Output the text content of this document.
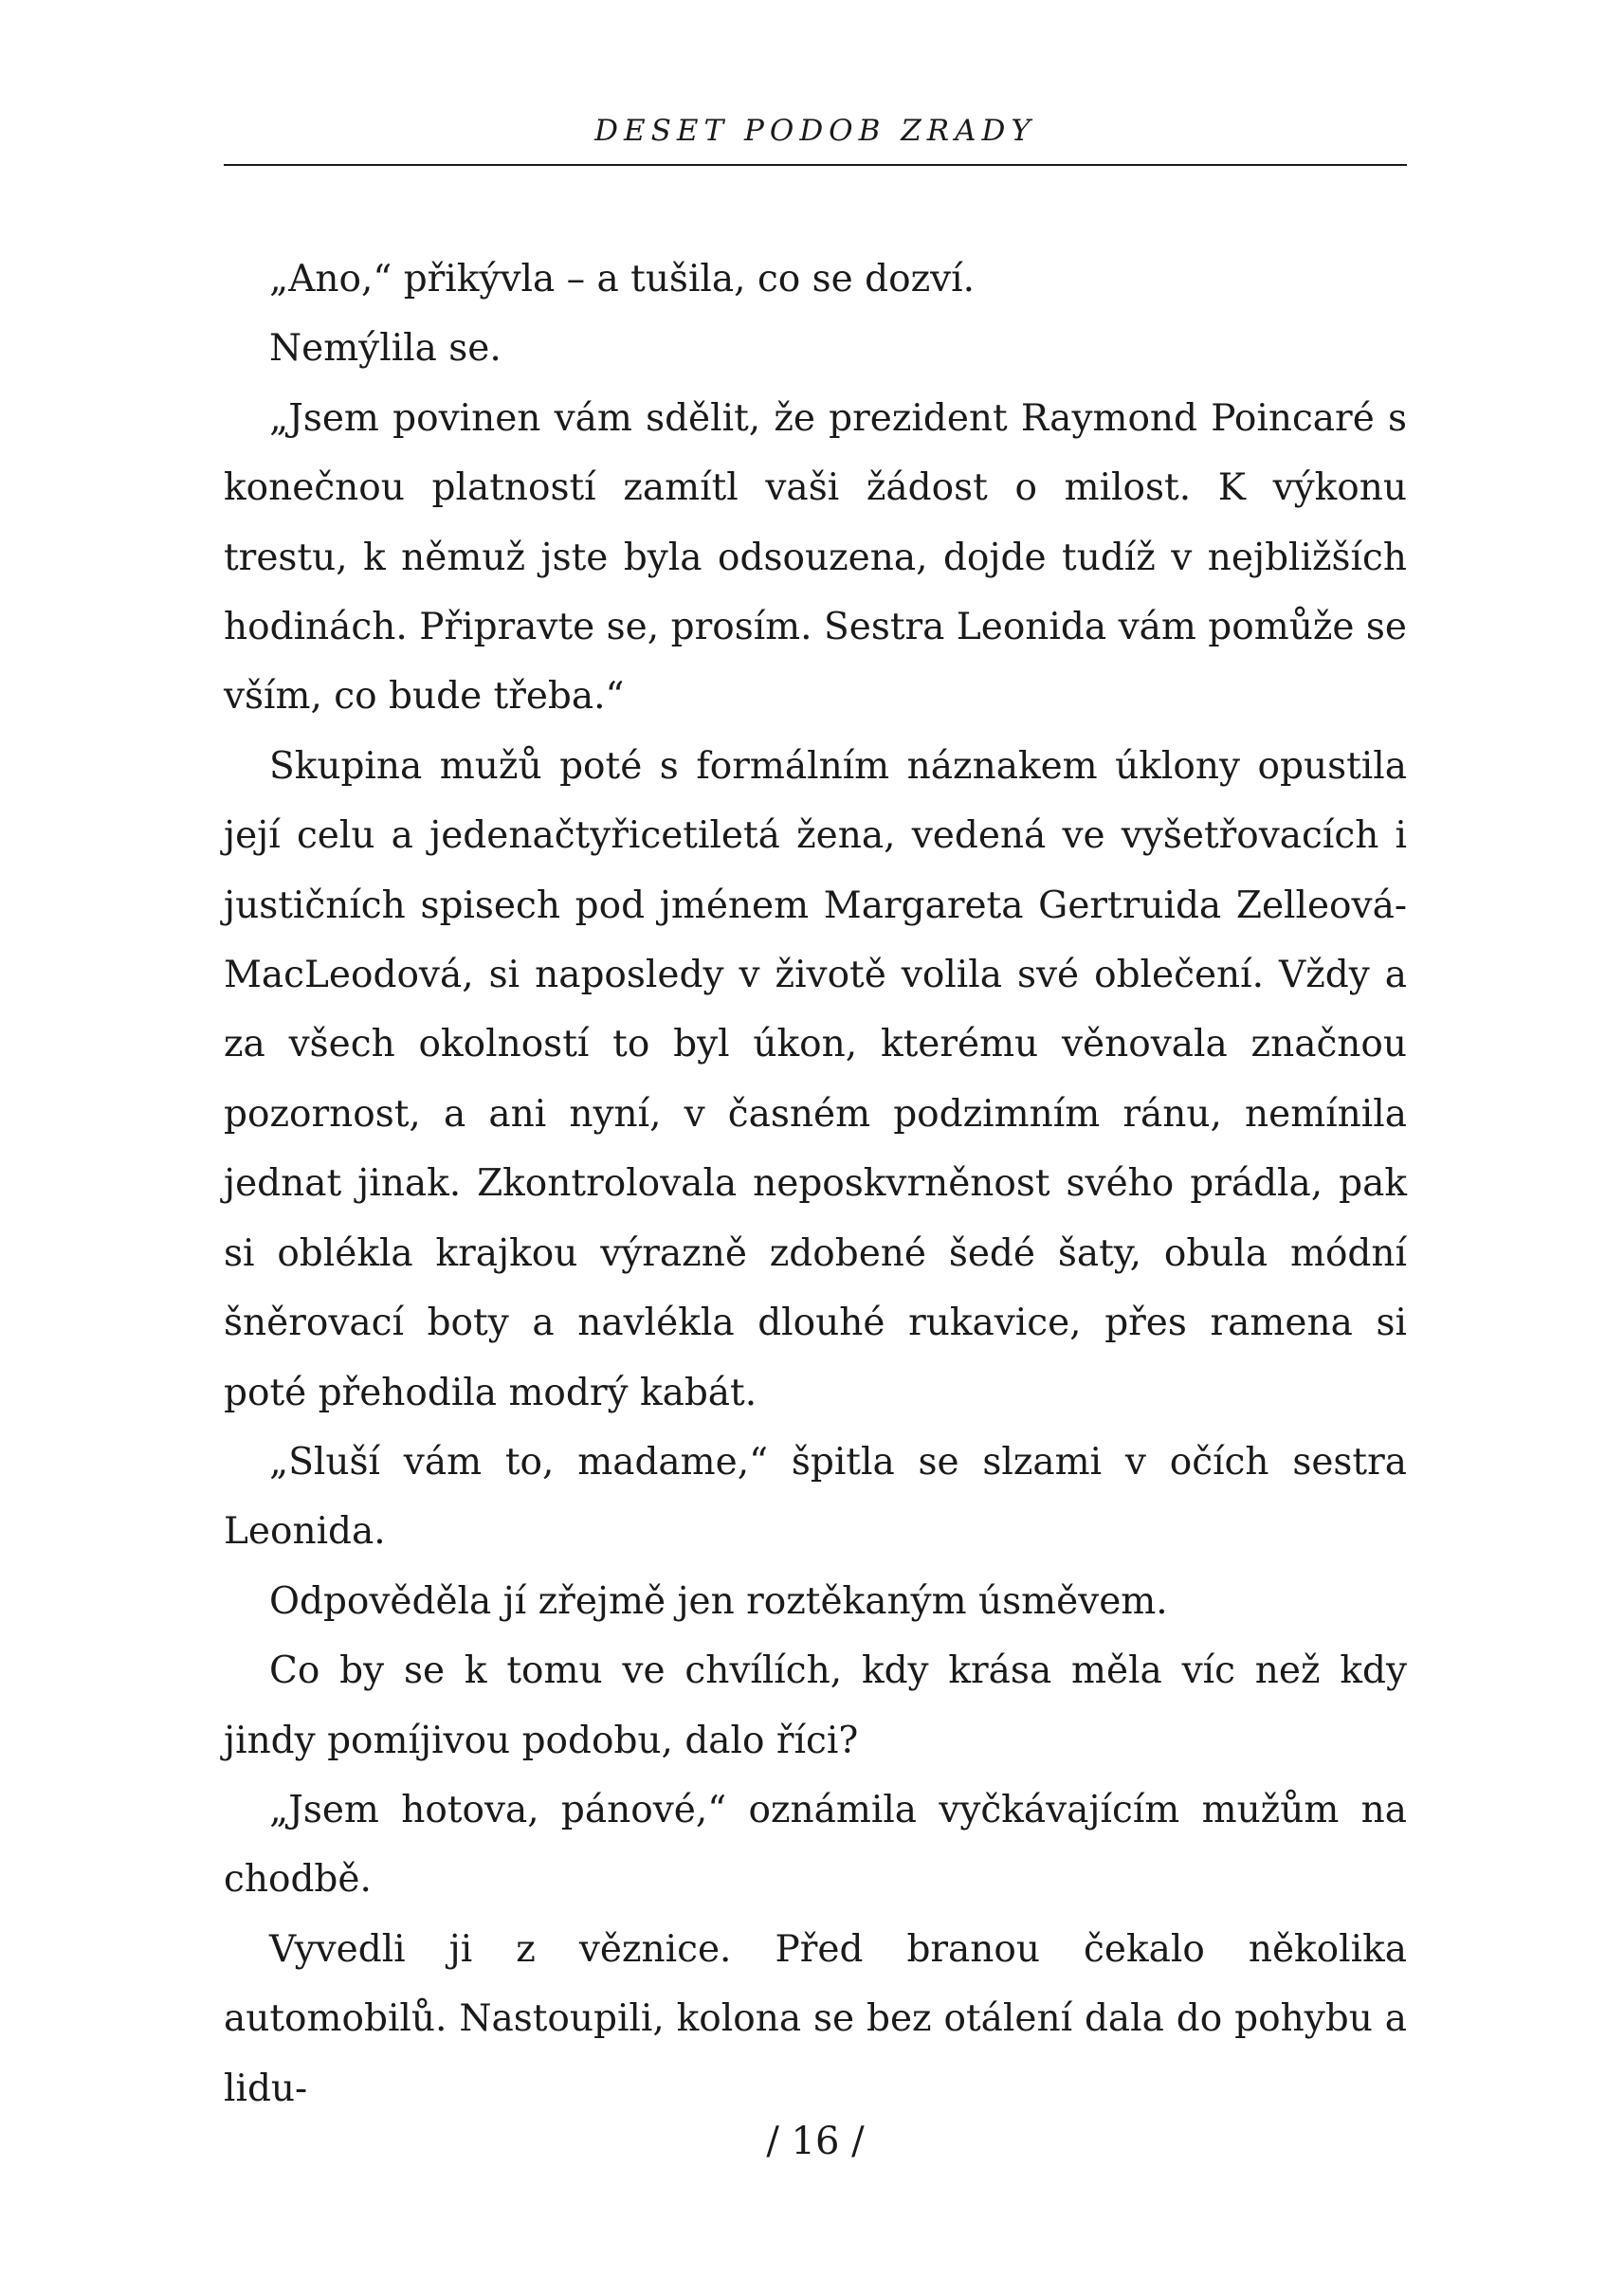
DESET PODOB ZRADY

„Ano,“ přikývla – a tušila, co se dozví.

Nemýlila se.

„Jsem povinen vám sdělit, že prezident Raymond Poincaré s konečnou platností zamítl vaši žádost o milost. K výkonu trestu, k němuž jste byla odsouzena, dojde tudíž v nejbližších hodinách. Připravte se, prosím. Sestra Leonida vám pomůže se vším, co bude třeba.“

Skupina mužů poté s formálním náznakem úklony opustila její celu a jedenačtyřicetiletá žena, vedená ve vyšetřovacích i justičních spisech pod jménem Margareta Gertruida Zelleová-MacLeodová, si naposledy v životě volila své oblečení. Vždy a za všech okolností to byl úkon, kterému věnovala značnou pozornost, a ani nyní, v časném podzimním ránu, nemínila jednat jinak. Zkontrolovala neposkvrněnost svého prádla, pak si oblékla krajkou výrazně zdobené šedé šaty, obula módní šněrovací boty a navlékla dlouhé rukavice, přes ramena si poté přehodila modrý kabát.

„Sluší vám to, madame,“ špitla se slzami v očích sestra Leonida.

Odpověděla jí zřejmě jen roztěkaným úsměvem.

Co by se k tomu ve chvílích, kdy krása měla víc než kdy jindy pomíjivou podobu, dalo říci?

„Jsem hotova, pánové,“ oznámila vyčkávajícím mužům na chodbě.

Vyvedli ji z věznice. Před branou čekalo několika automobilů. Nastoupili, kolona se bez otálení dala do pohybu a lidu-

/ 16 /
